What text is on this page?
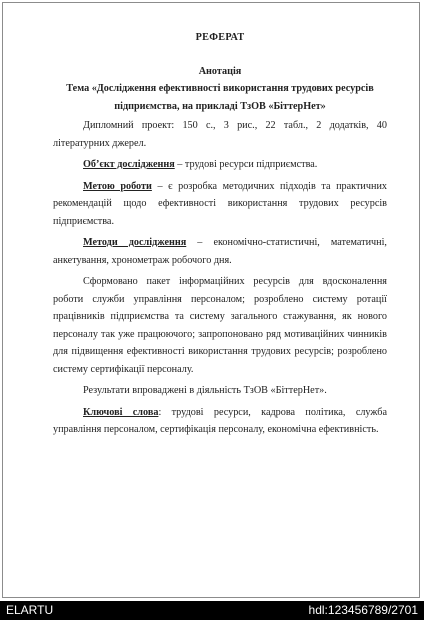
РЕФЕРАТ
Анотація
Тема «Дослідження ефективності використання трудових ресурсів підприємства, на прикладі ТзОВ «БіттерНет»

Дипломний проект: 150 с., 3 рис., 22 табл., 2 додатків, 40 літературних джерел.

Об’єкт дослідження – трудові ресурси підприємства.

Метою роботи – є розробка методичних підходів та практичних рекомендацій щодо ефективності використання трудових ресурсів підприємства.

Методи дослідження – економічно-статистичні, математичні, анкетування, хронометраж робочого дня.

Сформовано пакет інформаційних ресурсів для вдосконалення роботи служби управління персоналом; розроблено систему ротації працівників підприємства та систему загального стажування, як нового персоналу так уже працюючого; запропоновано ряд мотиваційних чинників для підвищення ефективності використання трудових ресурсів; розроблено систему сертифікації персоналу.

Результати впроваджені в діяльність ТзОВ «БіттерНет».

Ключові слова: трудові ресурси, кадрова політика, служба управління персоналом, сертифікація персоналу, економічна ефективність.

ELARTU	hdl:123456789/2701
